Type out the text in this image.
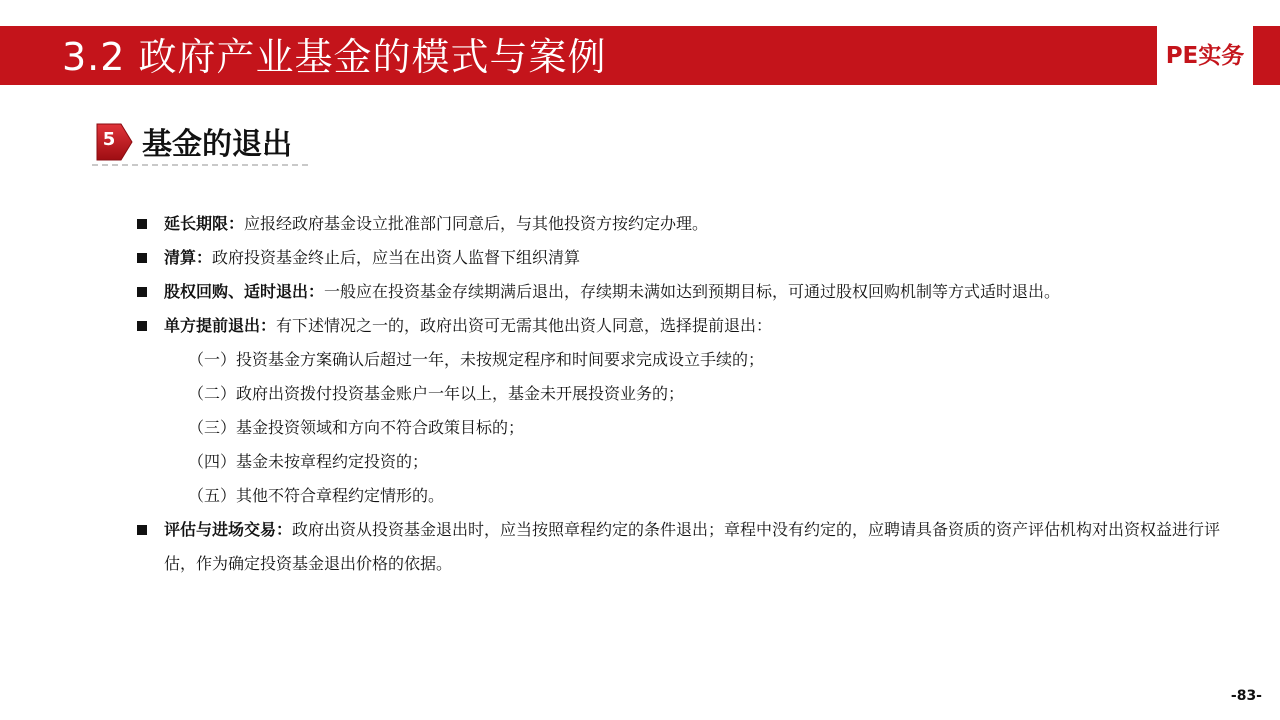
3.2 政府产业基金的模式与案例	PE实务
5 基金的退出
延长期限：应报经政府基金设立批准部门同意后，与其他投资方按约定办理。
清算：政府投资基金终止后，应当在出资人监督下组织清算
股权回购、适时退出：一般应在投资基金存续期满后退出，存续期未满如达到预期目标，可通过股权回购机制等方式适时退出。
单方提前退出：有下述情况之一的，政府出资可无需其他出资人同意，选择提前退出：
（一）投资基金方案确认后超过一年，未按规定程序和时间要求完成设立手续的；
（二）政府出资拨付投资基金账户一年以上，基金未开展投资业务的；
（三）基金投资领域和方向不符合政策目标的；
（四）基金未按章程约定投资的；
（五）其他不符合章程约定情形的。
评估与进场交易：政府出资从投资基金退出时，应当按照章程约定的条件退出；章程中没有约定的，应聘请具备资质的资产评估机构对出资权益进行评估，作为确定投资基金退出价格的依据。
-83-
